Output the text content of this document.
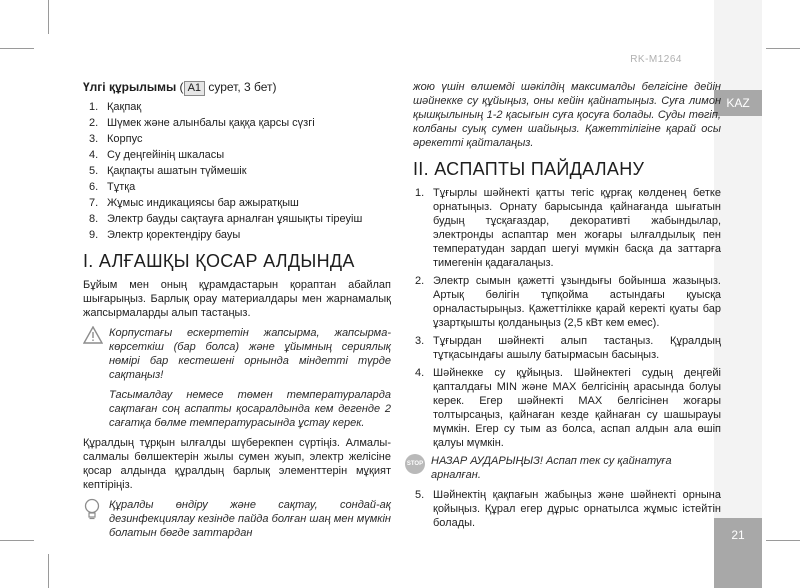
KAZ
21
RK-M1264
Үлгі құрылымы ( A1 сурет, 3 бет)
1. Қақпақ
2. Шүмек және алынбалы қаққа қарсы сүзгі
3. Корпус
4. Су деңгейінің шкаласы
5. Қақпақты ашатын түймешік
6. Тұтқа
7. Жұмыс индикациясы бар ажыратқыш
8. Электр бауды сақтауға арналған ұяшықты тіреуіш
9. Электр қоректендіру бауы
I. АЛҒАШҚЫ ҚОСАР АЛДЫНДА

Бұйым мен оның құрамдастарын қораптан абайлап шығарыңыз. Барлық орау материалдары мен жарнамалық жапсырмаларды алып тастаңыз.

Корпустағы ескертетін жапсырма, жапсырма-көрсеткіш (бар болса) және ұйымның сериялық нөмірі бар кестешені орнында міндетті түрде сақтаңыз!

Тасымалдау немесе төмен температураларда сақтаған соң аспапты қосаралдында кем дегенде 2 сағатқа бөлме температурасында ұстау керек.

Құралдың тұрқын ылғалды шүберекпен сүртіңіз. Алмалы-салмалы бөлшектерін жылы сумен жуып, электр желісіне қосар алдында құралдың барлық элементтерін мұқият кептіріңіз.

Құралды өндіру және сақтау, сондай-ақ дезинфекциялау кезінде пайда болған шаң мен мүмкін болатын бөгде заттардан

жою үшін өлшемді шәкілдің максималды белгісіне дейін шәйнекке су құйыңыз, оны кейін қайнатыңыз. Суға лимон қышқылының 1-2 қасығын суға қосуға болады. Суды төгіп, колбаны суық сумен шайыңыз. Қажеттілігіне қарай осы әрекетті қайталаңыз.

II. АСПАПТЫ ПАЙДАЛАНУ
1. Тұғырлы шәйнекті қатты тегіс құрғақ көлденең бетке орнатыңыз. Орнату барысында қайнағанда шығатын будың тұсқағаздар, декоративті жабындылар, электронды аспаптар мен жоғары ылғалдылық пен температудан зардап шегуі мүмкін басқа да заттарға тимегенін қадағалаңыз.
2. Электр сымын қажетті ұзындығы бойынша жазыңыз. Артық бөлігін тұпқойма астындағы қуысқа орналастырыңыз. Қажеттілікке қарай керекті қуаты бар ұзартқышты қолданыңыз (2,5 кВт кем емес).
3. Тұғырдан шәйнекті алып тастаңыз. Құралдың тұтқасындағы ашылу батырмасын басыңыз.
4. Шәйнекке су құйыңыз. Шәйнектегі судың деңгейі қапталдағы MIN және MAX белгісінің арасында болуы керек. Егер шәйнекті MAX белгісінен жоғары толтырсаңыз, қайнаған кезде қайнаған су шашырауы мүмкін. Егер су тым аз болса, аспап алдын ала өшіп қалуы мүмкін.
STOP НАЗАР АУДАРЫҢЫЗ! Аспап тек су қайнатуға арналған.
5. Шәйнектің қақпағын жабыңыз және шәйнекті орнына қойыңыз. Құрал егер дұрыс орнатылса жұмыс істейтін болады.
